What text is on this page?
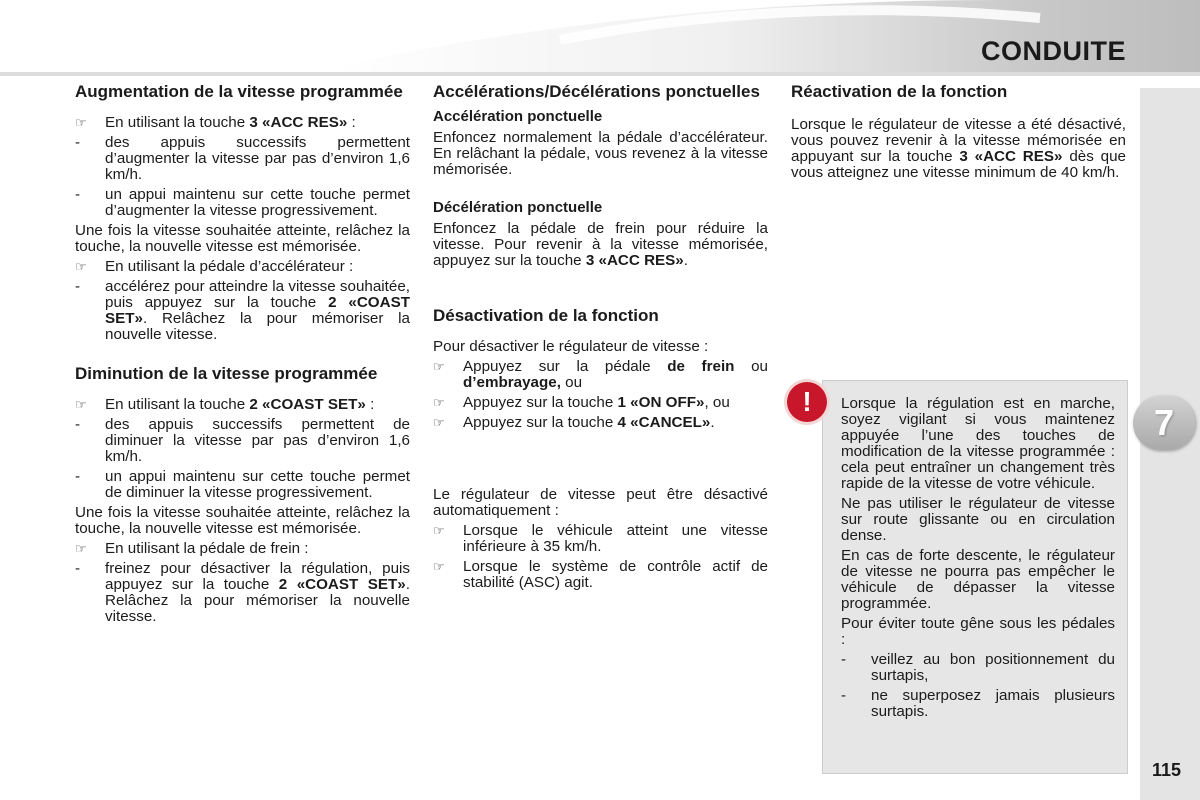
CONDUITE
7
115
Augmentation de la vitesse programmée
☞	En utilisant la touche 3 «ACC RES» :
-	des appuis successifs permettent d’augmenter la vitesse par pas d’environ 1,6 km/h.
-	un appui maintenu sur cette touche permet d’augmenter la vitesse progressivement.
Une fois la vitesse souhaitée atteinte, relâchez la touche, la nouvelle vitesse est mémorisée.
☞	En utilisant la pédale d’accélérateur :
-	accélérez pour atteindre la vitesse souhaitée, puis appuyez sur la touche 2 «COAST SET». Relâchez la pour mémoriser la nouvelle vitesse.
Diminution de la vitesse programmée
☞	En utilisant la touche 2 «COAST SET» :
-	des appuis successifs permettent de diminuer la vitesse par pas d’environ 1,6 km/h.
-	un appui maintenu sur cette touche permet de diminuer la vitesse progressivement.
Une fois la vitesse souhaitée atteinte, relâchez la touche, la nouvelle vitesse est mémorisée.
☞	En utilisant la pédale de frein :
-	freinez pour désactiver la régulation, puis appuyez sur la touche 2 «COAST SET». Relâchez la pour mémoriser la nouvelle vitesse.
Accélérations/Décélérations ponctuelles
Accélération ponctuelle
Enfoncez normalement la pédale d’accélérateur. En relâchant la pédale, vous revenez à la vitesse mémorisée.
Décélération ponctuelle
Enfoncez la pédale de frein pour réduire la vitesse. Pour revenir à la vitesse mémorisée, appuyez sur la touche 3 «ACC RES».
Désactivation de la fonction
Pour désactiver le régulateur de vitesse :
☞	Appuyez sur la pédale de frein ou d’embrayage, ou
☞	Appuyez sur la touche 1 «ON OFF», ou
☞	Appuyez sur la touche 4 «CANCEL».
Le régulateur de vitesse peut être désactivé automatiquement :
☞	Lorsque le véhicule atteint une vitesse inférieure à 35 km/h.
☞	Lorsque le système de contrôle actif de stabilité (ASC) agit.
Réactivation de la fonction
Lorsque le régulateur de vitesse a été désactivé, vous pouvez revenir à la vitesse mémorisée en appuyant sur la touche 3 «ACC RES» dès que vous atteignez une vitesse minimum de 40 km/h.
!	Lorsque la régulation est en marche, soyez vigilant si vous maintenez appuyée l’une des touches de modification de la vitesse programmée : cela peut entraîner un changement très rapide de la vitesse de votre véhicule.
Ne pas utiliser le régulateur de vitesse sur route glissante ou en circulation dense.
En cas de forte descente, le régulateur de vitesse ne pourra pas empêcher le véhicule de dépasser la vitesse programmée.
Pour éviter toute gêne sous les pédales :
-	veillez au bon positionnement du surtapis,
-	ne superposez jamais plusieurs surtapis.
